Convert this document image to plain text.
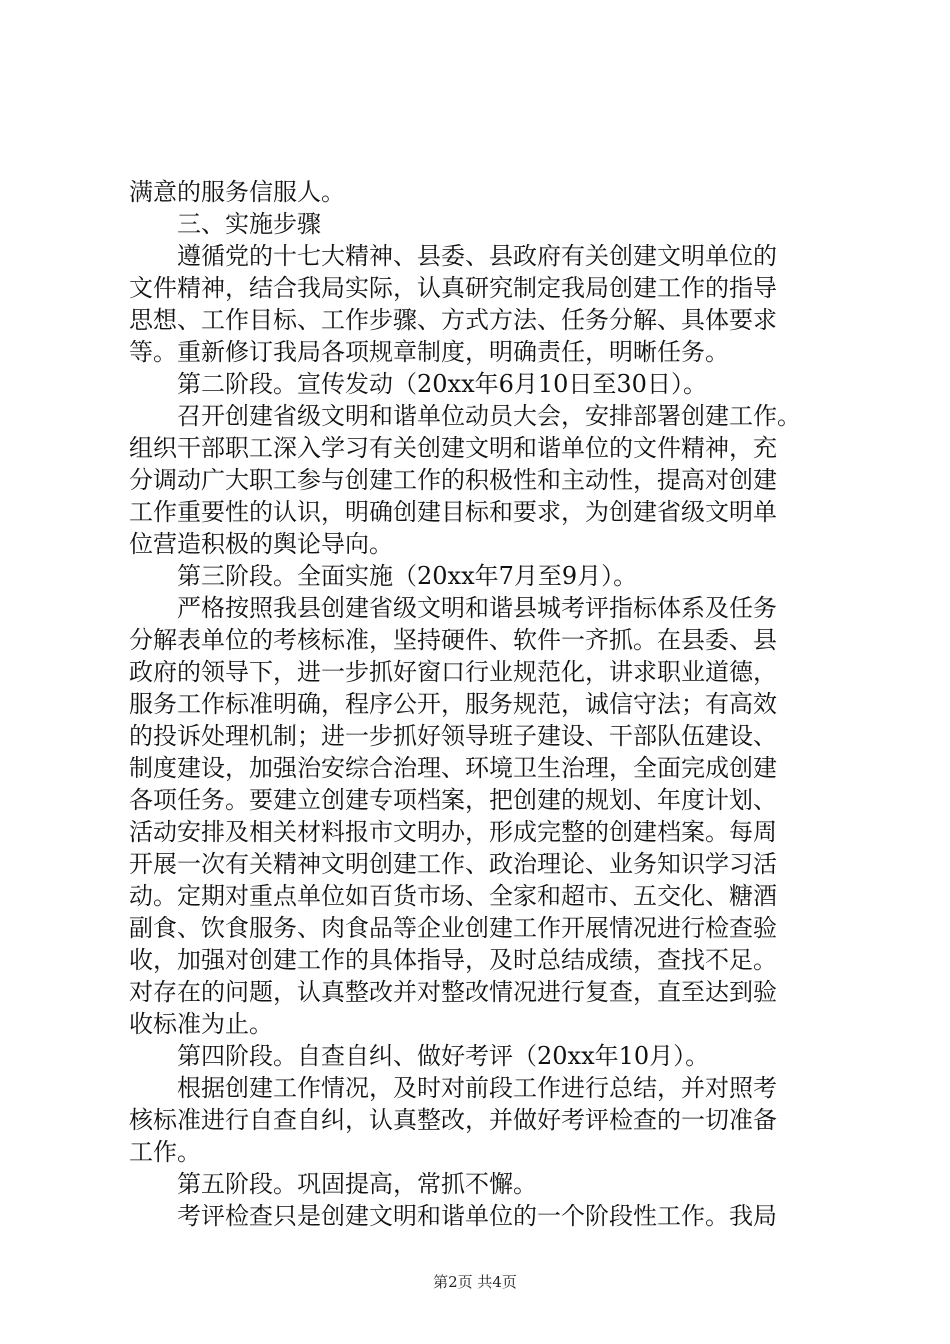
满意的服务信服人。
三、实施步骤
遵循党的十七大精神、县委、县政府有关创建文明单位的
文件精神，结合我局实际，认真研究制定我局创建工作的指导
思想、工作目标、工作步骤、方式方法、任务分解、具体要求
等。重新修订我局各项规章制度，明确责任，明晰任务。
第二阶段。宣传发动（20xx年6月10日至30日）。
召开创建省级文明和谐单位动员大会，安排部署创建工作。
组织干部职工深入学习有关创建文明和谐单位的文件精神，充
分调动广大职工参与创建工作的积极性和主动性，提高对创建
工作重要性的认识，明确创建目标和要求，为创建省级文明单
位营造积极的舆论导向。
第三阶段。全面实施（20xx年7月至9月）。
严格按照我县创建省级文明和谐县城考评指标体系及任务
分解表单位的考核标准，坚持硬件、软件一齐抓。在县委、县
政府的领导下，进一步抓好窗口行业规范化，讲求职业道德，
服务工作标准明确，程序公开，服务规范，诚信守法；有高效
的投诉处理机制；进一步抓好领导班子建设、干部队伍建设、
制度建设，加强治安综合治理、环境卫生治理，全面完成创建
各项任务。要建立创建专项档案，把创建的规划、年度计划、
活动安排及相关材料报市文明办，形成完整的创建档案。每周
开展一次有关精神文明创建工作、政治理论、业务知识学习活
动。定期对重点单位如百货市场、全家和超市、五交化、糖酒
副食、饮食服务、肉食品等企业创建工作开展情况进行检查验
收，加强对创建工作的具体指导，及时总结成绩，查找不足。
对存在的问题，认真整改并对整改情况进行复查，直至达到验
收标准为止。
第四阶段。自查自纠、做好考评（20xx年10月）。
根据创建工作情况，及时对前段工作进行总结，并对照考
核标准进行自查自纠，认真整改，并做好考评检查的一切准备
工作。
第五阶段。巩固提高，常抓不懈。
考评检查只是创建文明和谐单位的一个阶段性工作。我局
第2页 共4页
